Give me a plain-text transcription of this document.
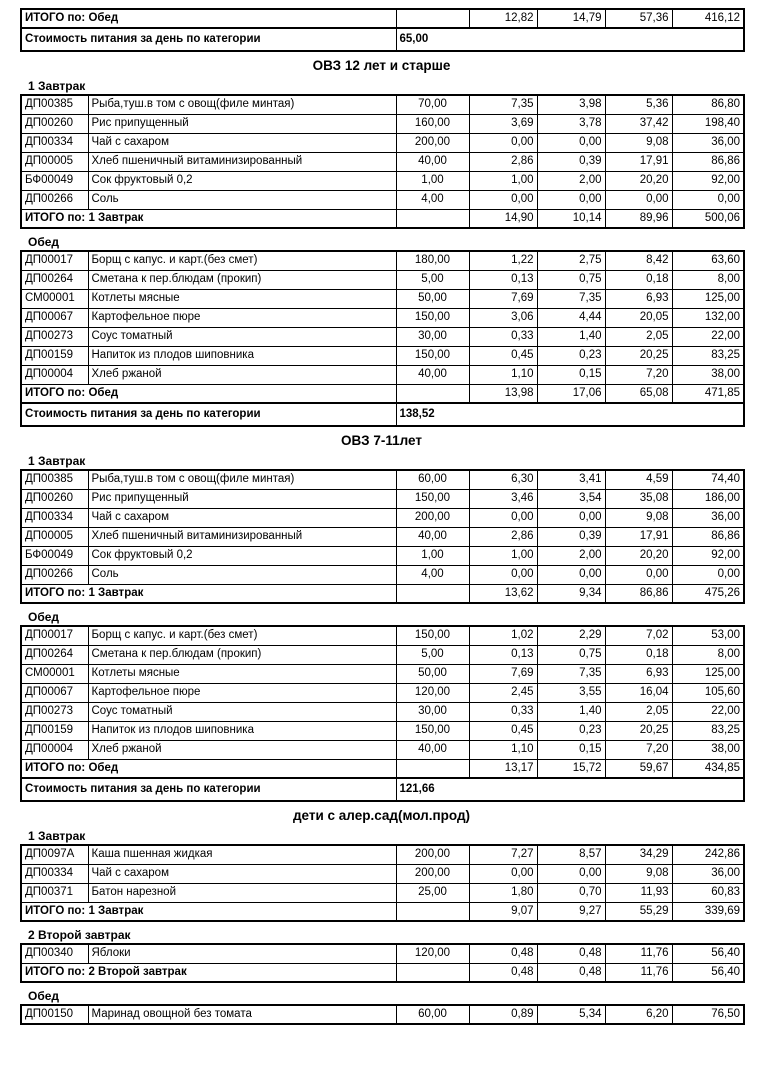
ИТОГО по: Обед		12,82	14,79	57,36	416,12
Стоимость питания за день по категории	65,00				
ОВЗ 12 лет и старше
1 Завтрак
ДП00385	Рыба,туш.в том с овощ(филе минтая)	70,00	7,35	3,98	5,36	86,80
ДП00260	Рис припущенный	160,00	3,69	3,78	37,42	198,40
ДП00334	Чай с сахаром	200,00	0,00	0,00	9,08	36,00
ДП00005	Хлеб пшеничный витаминизированный	40,00	2,86	0,39	17,91	86,86
БФ00049	Сок фруктовый 0,2	1,00	1,00	2,00	20,20	92,00
ДП00266	Соль	4,00	0,00	0,00	0,00	0,00
ИТОГО по: 1 Завтрак			14,90	10,14	89,96	500,06
Обед
ДП00017	Борщ с капус. и карт.(без смет)	180,00	1,22	2,75	8,42	63,60
ДП00264	Сметана к пер.блюдам (прокип)	5,00	0,13	0,75	0,18	8,00
СМ00001	Котлеты мясные	50,00	7,69	7,35	6,93	125,00
ДП00067	Картофельное пюре	150,00	3,06	4,44	20,05	132,00
ДП00273	Соус томатный	30,00	0,33	1,40	2,05	22,00
ДП00159	Напиток из плодов шиповника	150,00	0,45	0,23	20,25	83,25
ДП00004	Хлеб ржаной	40,00	1,10	0,15	7,20	38,00
ИТОГО по: Обед			13,98	17,06	65,08	471,85
Стоимость питания за день по категории		138,52				
ОВЗ 7-11лет
1 Завтрак
ДП00385	Рыба,туш.в том с овощ(филе минтая)	60,00	6,30	3,41	4,59	74,40
ДП00260	Рис припущенный	150,00	3,46	3,54	35,08	186,00
ДП00334	Чай с сахаром	200,00	0,00	0,00	9,08	36,00
ДП00005	Хлеб пшеничный витаминизированный	40,00	2,86	0,39	17,91	86,86
БФ00049	Сок фруктовый 0,2	1,00	1,00	2,00	20,20	92,00
ДП00266	Соль	4,00	0,00	0,00	0,00	0,00
ИТОГО по: 1 Завтрак			13,62	9,34	86,86	475,26
Обед
ДП00017	Борщ с капус. и карт.(без смет)	150,00	1,02	2,29	7,02	53,00
ДП00264	Сметана к пер.блюдам (прокип)	5,00	0,13	0,75	0,18	8,00
СМ00001	Котлеты мясные	50,00	7,69	7,35	6,93	125,00
ДП00067	Картофельное пюре	120,00	2,45	3,55	16,04	105,60
ДП00273	Соус томатный	30,00	0,33	1,40	2,05	22,00
ДП00159	Напиток из плодов шиповника	150,00	0,45	0,23	20,25	83,25
ДП00004	Хлеб ржаной	40,00	1,10	0,15	7,20	38,00
ИТОГО по: Обед			13,17	15,72	59,67	434,85
Стоимость питания за день по категории		121,66				
дети с алер.сад(мол.прод)
1 Завтрак
ДП0097А	Каша пшенная жидкая	200,00	7,27	8,57	34,29	242,86
ДП00334	Чай с сахаром	200,00	0,00	0,00	9,08	36,00
ДП00371	Батон нарезной	25,00	1,80	0,70	11,93	60,83
ИТОГО по: 1 Завтрак			9,07	9,27	55,29	339,69
2 Второй завтрак
ДП00340	Яблоки	120,00	0,48	0,48	11,76	56,40
ИТОГО по: 2 Второй завтрак			0,48	0,48	11,76	56,40
Обед
ДП00150	Маринад овощной без томата	60,00	0,89	5,34	6,20	76,50
